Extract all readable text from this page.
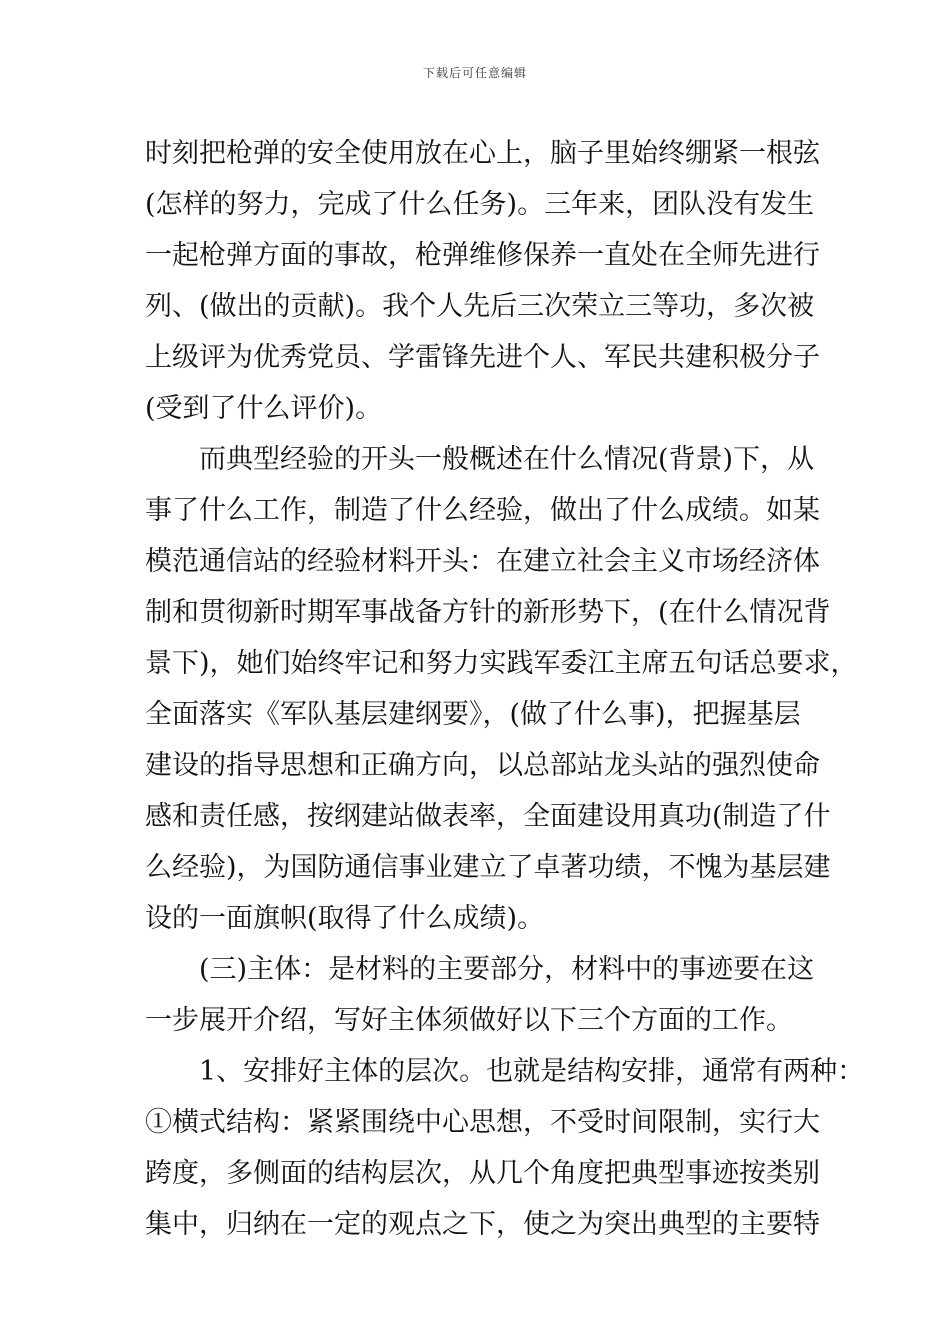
下载后可任意编辑
时刻把枪弹的安全使用放在心上，脑子里始终绷紧一根弦
(怎样的努力，完成了什么任务)。三年来，团队没有发生
一起枪弹方面的事故，枪弹维修保养一直处在全师先进行
列、(做出的贡献)。我个人先后三次荣立三等功，多次被
上级评为优秀党员、学雷锋先进个人、军民共建积极分子
(受到了什么评价)。
　　而典型经验的开头一般概述在什么情况(背景)下，从
事了什么工作，制造了什么经验，做出了什么成绩。如某
模范通信站的经验材料开头：在建立社会主义市场经济体
制和贯彻新时期军事战备方针的新形势下，(在什么情况背
景下)，她们始终牢记和努力实践军委江主席五句话总要求，
全面落实《军队基层建纲要》，(做了什么事)，把握基层
建设的指导思想和正确方向，以总部站龙头站的强烈使命
感和责任感，按纲建站做表率，全面建设用真功(制造了什
么经验)，为国防通信事业建立了卓著功绩，不愧为基层建
设的一面旗帜(取得了什么成绩)。
　　(三)主体：是材料的主要部分，材料中的事迹要在这
一步展开介绍，写好主体须做好以下三个方面的工作。
　　1、安排好主体的层次。也就是结构安排，通常有两种：
①横式结构：紧紧围绕中心思想，不受时间限制，实行大
跨度，多侧面的结构层次，从几个角度把典型事迹按类别
集中，归纳在一定的观点之下，使之为突出典型的主要特
